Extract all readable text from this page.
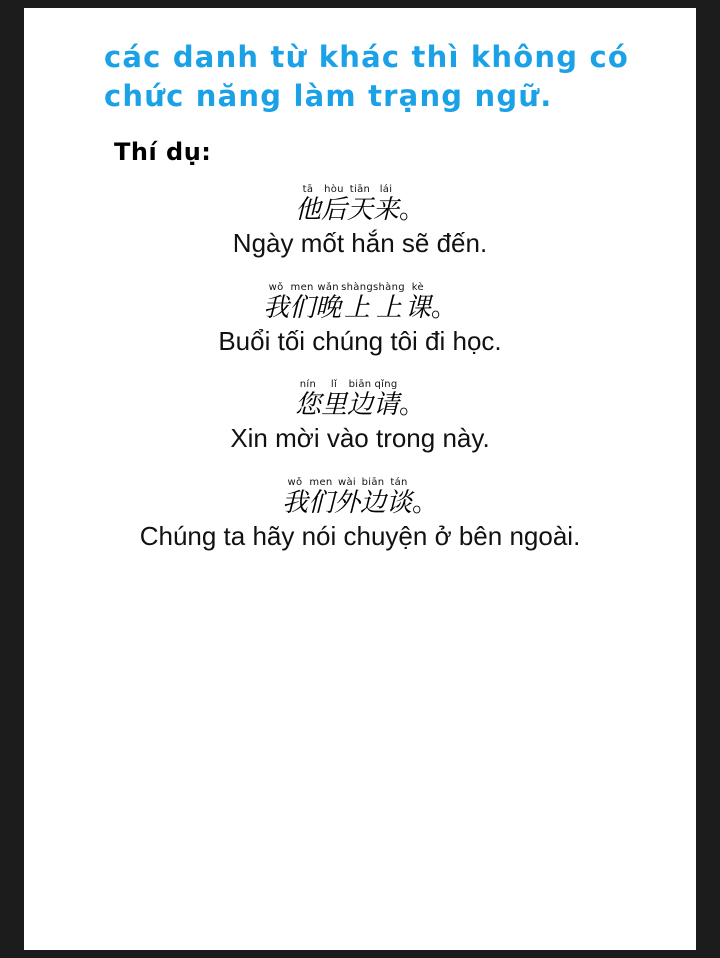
các danh từ khác thì không có
chức năng làm trạng ngữ.
Thí dụ:
tā
他
hòu
后
tiān
天
lái
来 。

Ngày mốt hắn sẽ đến.

wǒ
我
men
们
wǎn
晚
shàng
上
shàng
上
kè
课 。

Buổi tối chúng tôi đi học.

nín
您
lǐ
里
biān
边
qǐng
请 。

Xin mời vào trong này.

wǒ
我
men
们
wài
外
biān
边
tán
谈 。

Chúng ta hãy nói chuyện ở bên ngoài.
